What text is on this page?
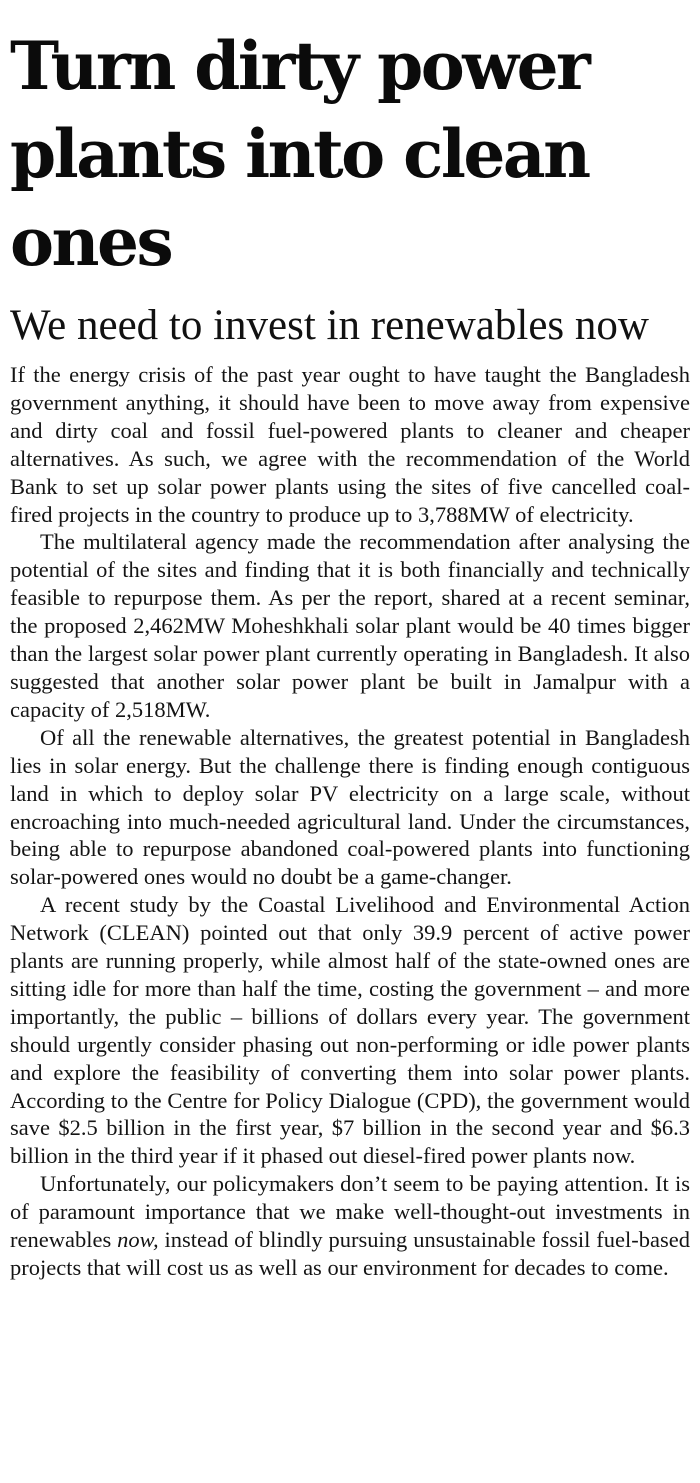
Turn dirty power plants into clean ones
We need to invest in renewables now

If the energy crisis of the past year ought to have taught the Bangladesh government anything, it should have been to move away from expensive and dirty coal and fossil fuel-powered plants to cleaner and cheaper alternatives. As such, we agree with the recommendation of the World Bank to set up solar power plants using the sites of five cancelled coal-fired projects in the country to produce up to 3,788MW of electricity.

The multilateral agency made the recommendation after analysing the potential of the sites and finding that it is both financially and technically feasible to repurpose them. As per the report, shared at a recent seminar, the proposed 2,462MW Moheshkhali solar plant would be 40 times bigger than the largest solar power plant currently operating in Bangladesh. It also suggested that another solar power plant be built in Jamalpur with a capacity of 2,518MW.

Of all the renewable alternatives, the greatest potential in Bangladesh lies in solar energy. But the challenge there is finding enough contiguous land in which to deploy solar PV electricity on a large scale, without encroaching into much-needed agricultural land. Under the circumstances, being able to repurpose abandoned coal-powered plants into functioning solar-powered ones would no doubt be a game-changer.

A recent study by the Coastal Livelihood and Environmental Action Network (CLEAN) pointed out that only 39.9 percent of active power plants are running properly, while almost half of the state-owned ones are sitting idle for more than half the time, costing the government – and more importantly, the public – billions of dollars every year. The government should urgently consider phasing out non-performing or idle power plants and explore the feasibility of converting them into solar power plants. According to the Centre for Policy Dialogue (CPD), the government would save $2.5 billion in the first year, $7 billion in the second year and $6.3 billion in the third year if it phased out diesel-fired power plants now.

Unfortunately, our policymakers don’t seem to be paying attention. It is of paramount importance that we make well-thought-out investments in renewables now, instead of blindly pursuing unsustainable fossil fuel-based projects that will cost us as well as our environment for decades to come.
